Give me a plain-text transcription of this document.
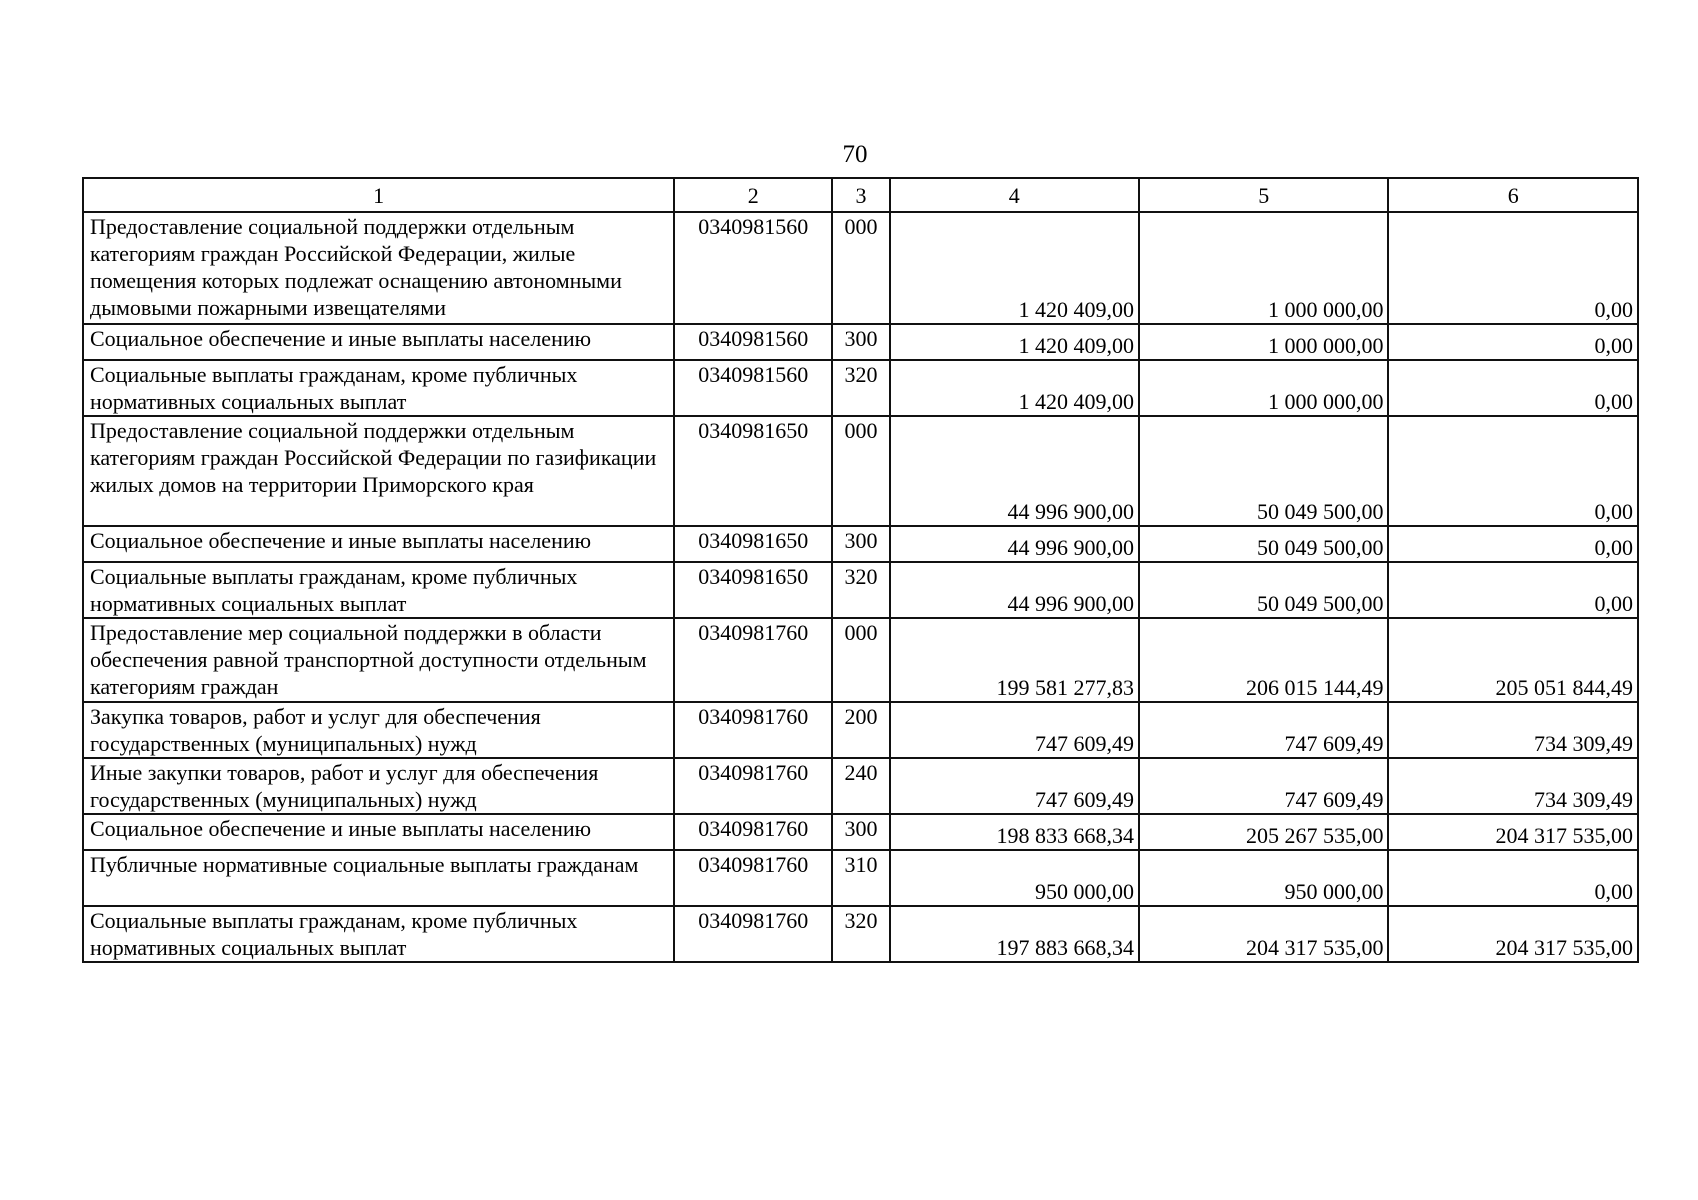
70
1	2	3	4	5	6
Предоставление социальной поддержки отдельным категориям граждан Российской Федерации, жилые помещения которых подлежат оснащению автономными дымовыми пожарными извещателями	0340981560	000	1 420 409,00	1 000 000,00	0,00
Социальное обеспечение и иные выплаты населению	0340981560	300	1 420 409,00	1 000 000,00	0,00
Социальные выплаты гражданам, кроме публичных нормативных социальных выплат	0340981560	320	1 420 409,00	1 000 000,00	0,00
Предоставление социальной поддержки отдельным категориям граждан Российской Федерации по газификации жилых домов на территории Приморского края	0340981650	000	44 996 900,00	50 049 500,00	0,00
Социальное обеспечение и иные выплаты населению	0340981650	300	44 996 900,00	50 049 500,00	0,00
Социальные выплаты гражданам, кроме публичных нормативных социальных выплат	0340981650	320	44 996 900,00	50 049 500,00	0,00
Предоставление мер социальной поддержки в области обеспечения равной транспортной доступности отдельным категориям граждан	0340981760	000	199 581 277,83	206 015 144,49	205 051 844,49
Закупка товаров, работ и услуг для обеспечения государственных (муниципальных) нужд	0340981760	200	747 609,49	747 609,49	734 309,49
Иные закупки товаров, работ и услуг для обеспечения государственных (муниципальных) нужд	0340981760	240	747 609,49	747 609,49	734 309,49
Социальное обеспечение и иные выплаты населению	0340981760	300	198 833 668,34	205 267 535,00	204 317 535,00
Публичные нормативные социальные выплаты гражданам	0340981760	310	950 000,00	950 000,00	0,00
Социальные выплаты гражданам, кроме публичных нормативных социальных выплат	0340981760	320	197 883 668,34	204 317 535,00	204 317 535,00
